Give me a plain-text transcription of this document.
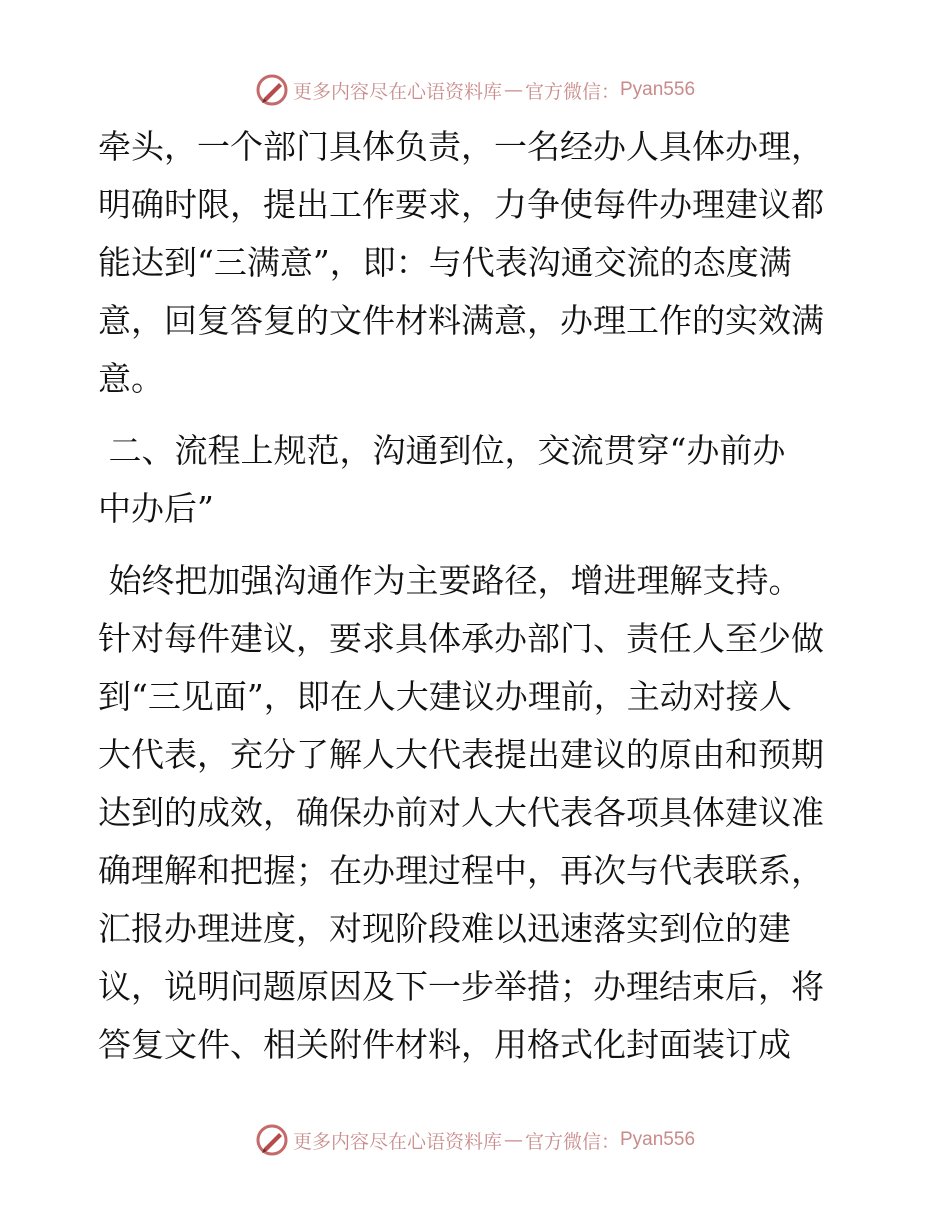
更多内容尽在心语资料库 — 官方微信： Pyan556
牵头，一个部门具体负责，一名经办人具体办理，
明确时限，提出工作要求，力争使每件办理建议都
能达到“三满意”，即：与代表沟通交流的态度满
意，回复答复的文件材料满意，办理工作的实效满
意。
二、流程上规范，沟通到位，交流贯穿“办前办
中办后”
始终把加强沟通作为主要路径，增进理解支持。
针对每件建议，要求具体承办部门、责任人至少做
到“三见面”，即在人大建议办理前，主动对接人
大代表，充分了解人大代表提出建议的原由和预期
达到的成效，确保办前对人大代表各项具体建议准
确理解和把握；在办理过程中，再次与代表联系，
汇报办理进度，对现阶段难以迅速落实到位的建
议，说明问题原因及下一步举措；办理结束后，将
答复文件、相关附件材料，用格式化封面装订成
更多内容尽在心语资料库 — 官方微信： Pyan556
